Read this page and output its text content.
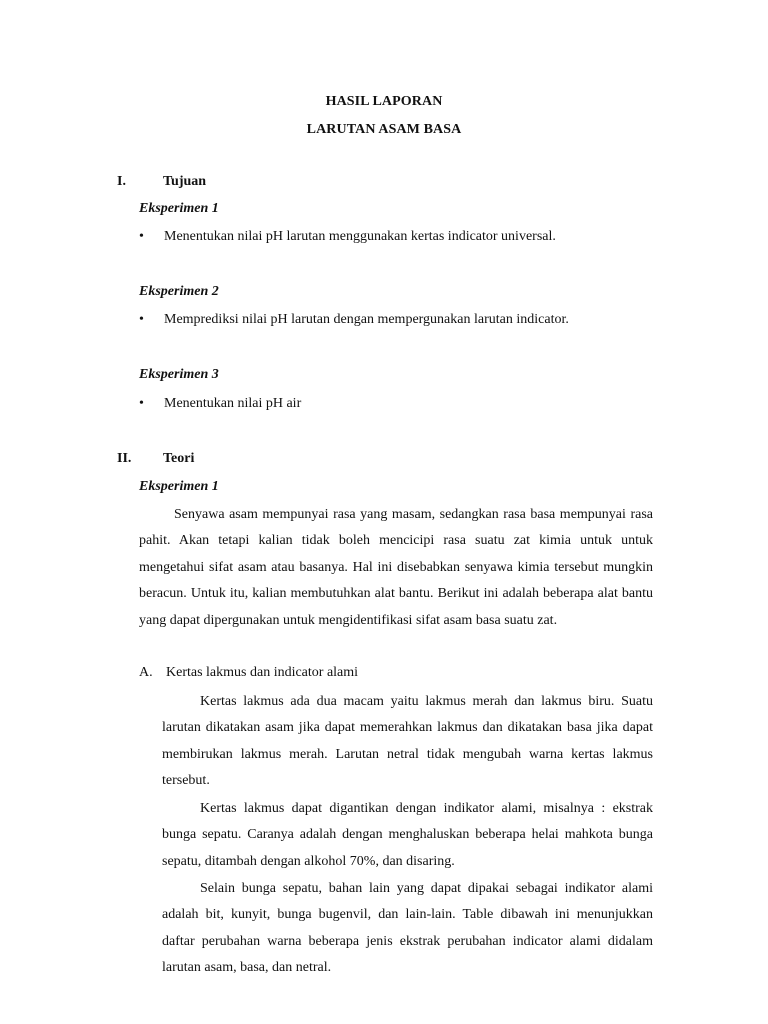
HASIL LAPORAN
LARUTAN ASAM BASA
I.	Tujuan
Eksperimen 1
• Menentukan nilai pH larutan menggunakan kertas indicator universal.
Eksperimen 2
• Memprediksi nilai pH larutan dengan mempergunakan larutan indicator.
Eksperimen 3
• Menentukan nilai pH air
II. Teori
Eksperimen 1
Senyawa asam mempunyai rasa yang masam, sedangkan rasa basa mempunyai rasa pahit. Akan tetapi kalian tidak boleh mencicipi rasa suatu zat kimia untuk untuk mengetahui sifat asam atau basanya. Hal ini disebabkan senyawa kimia tersebut mungkin beracun. Untuk itu, kalian membutuhkan alat bantu. Berikut ini adalah beberapa alat bantu yang dapat dipergunakan untuk mengidentifikasi sifat asam basa suatu zat.
A. Kertas lakmus dan indicator alami
Kertas lakmus ada dua macam yaitu lakmus merah dan lakmus biru. Suatu larutan dikatakan asam jika dapat memerahkan lakmus dan dikatakan basa jika dapat membirukan lakmus merah. Larutan netral tidak mengubah warna kertas lakmus tersebut.
Kertas lakmus dapat digantikan dengan indikator alami, misalnya : ekstrak bunga sepatu. Caranya adalah dengan menghaluskan beberapa helai mahkota bunga sepatu, ditambah dengan alkohol 70%, dan disaring.
Selain bunga sepatu, bahan lain yang dapat dipakai sebagai indikator alami adalah bit, kunyit, bunga bugenvil, dan lain-lain. Table dibawah ini menunjukkan daftar perubahan warna beberapa jenis ekstrak perubahan indicator alami didalam larutan asam, basa, dan netral.
